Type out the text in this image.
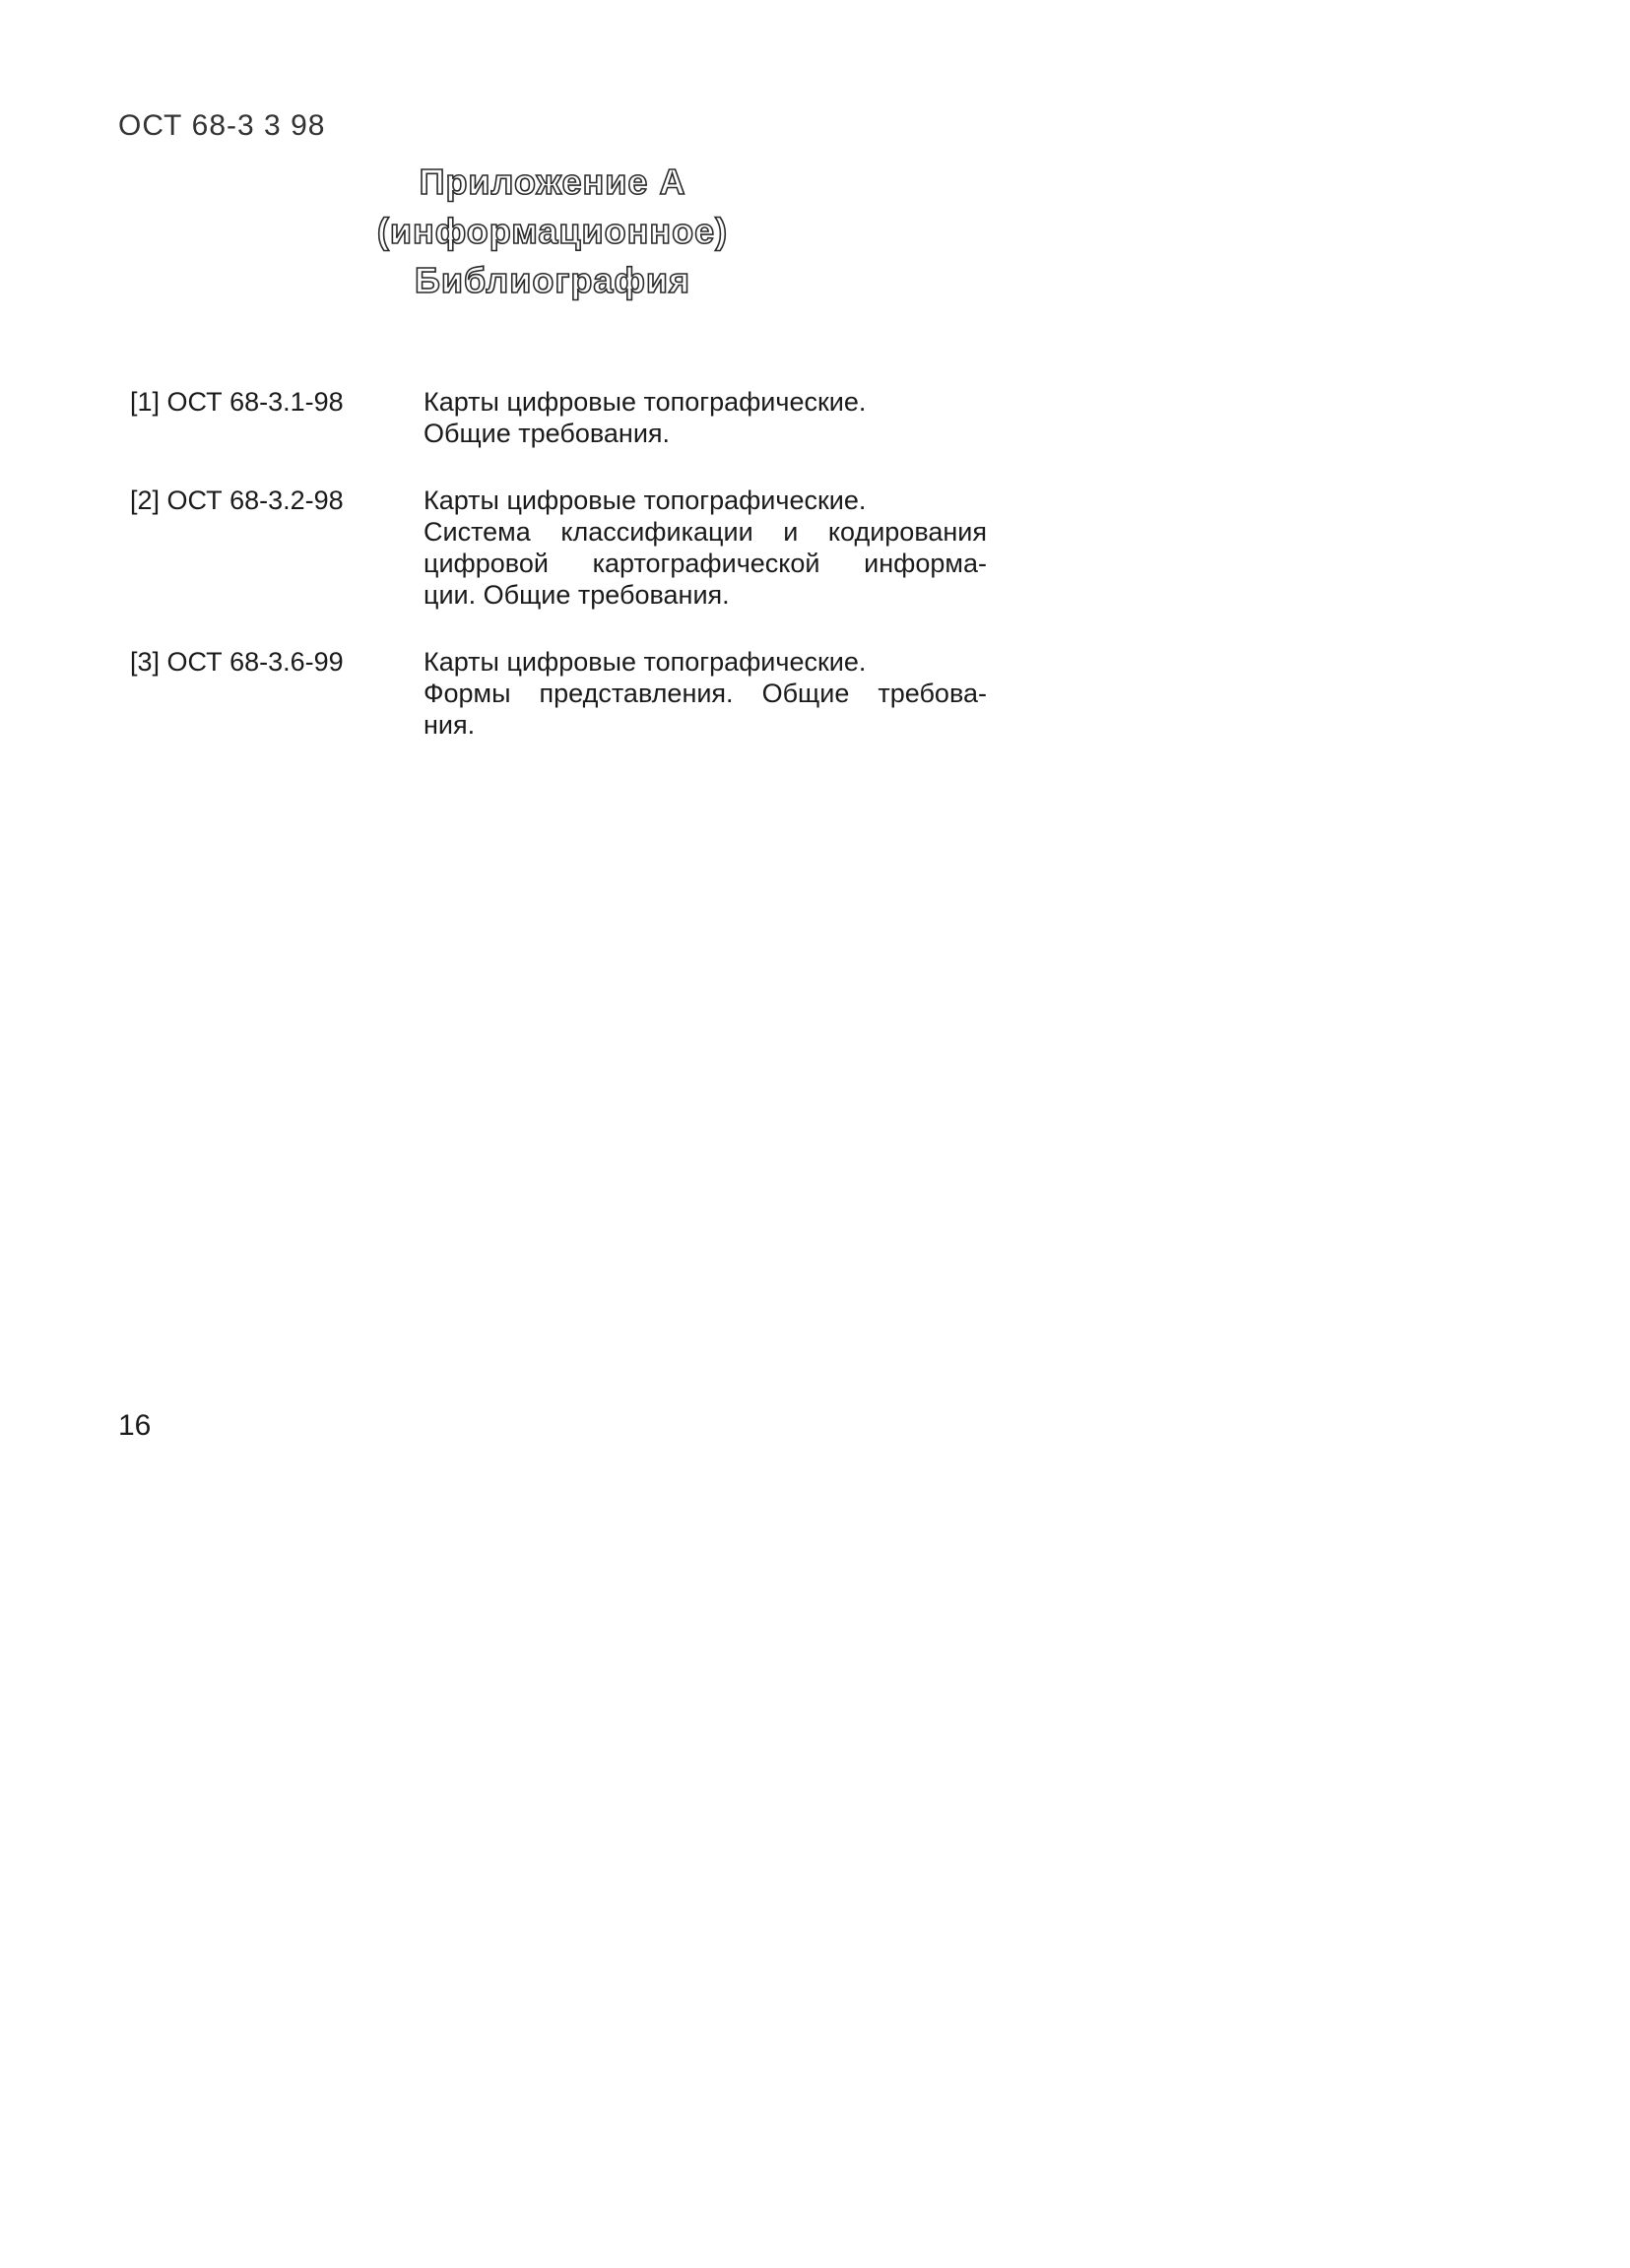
ОСТ 68-3 3 98

Приложение А
(информационное)
Библиография
[1] ОСТ 68-3.1-98	Карты цифровые топографические.
Общие требования.
[2] ОСТ 68-3.2-98	Карты цифровые топографические.
Система классификации и кодирования
цифровой картографической информа-
ции. Общие требования.
[3] ОСТ 68-3.6-99	Карты цифровые топографические.
Формы представления. Общие требова-
ния.

16
